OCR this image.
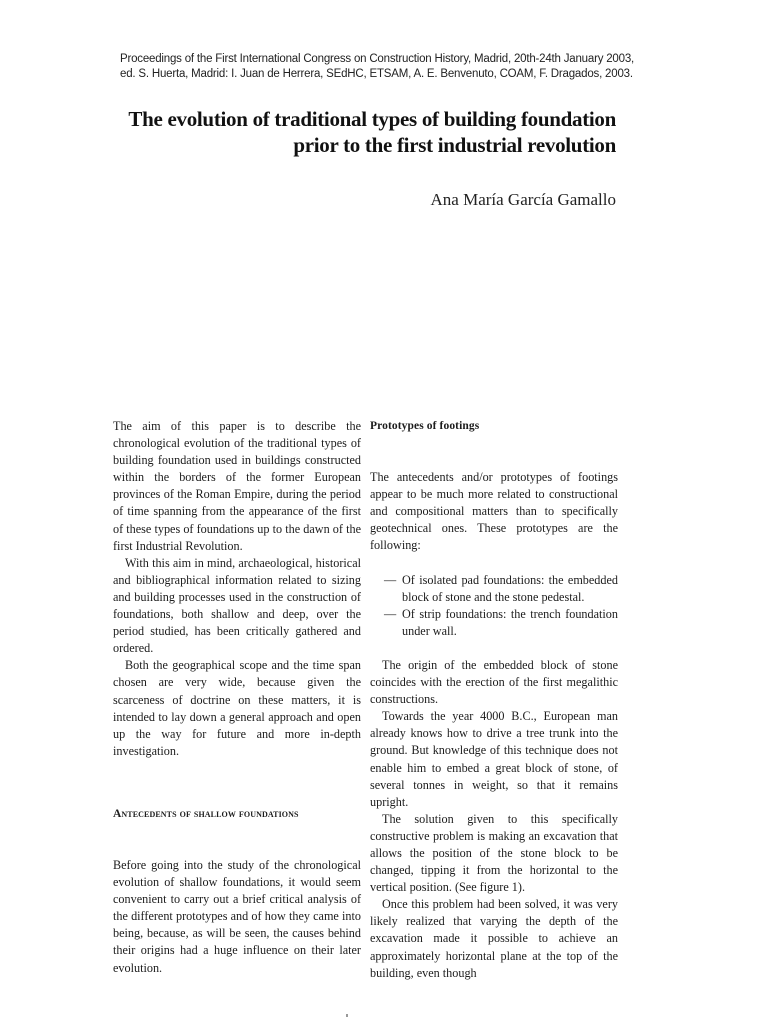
Proceedings of the First International Congress on Construction History, Madrid, 20th-24th January 2003,
ed. S. Huerta, Madrid: I. Juan de Herrera, SEdHC, ETSAM, A. E. Benvenuto, COAM, F. Dragados, 2003.
The evolution of traditional types of building foundation
prior to the first industrial revolution
Ana María García Gamallo

The aim of this paper is to describe the chronological evolution of the traditional types of building foundation used in buildings constructed within the borders of the former European provinces of the Roman Empire, during the period of time spanning from the appearance of the first of these types of foundations up to the dawn of the first Industrial Revolution.

With this aim in mind, archaeological, historical and bibliographical information related to sizing and building processes used in the construction of foundations, both shallow and deep, over the period studied, has been critically gathered and ordered.

Both the geographical scope and the time span chosen are very wide, because given the scarceness of doctrine on these matters, it is intended to lay down a general approach and open up the way for future and more in-depth investigation.

Antecedents of shallow foundations

Before going into the study of the chronological evolution of shallow foundations, it would seem convenient to carry out a brief critical analysis of the different prototypes and of how they came into being, because, as will be seen, the causes behind their origins had a huge influence on their later evolution.

Prototypes of footings

The antecedents and/or prototypes of footings appear to be much more related to constructional and compositional matters than to specifically geotechnical ones. These prototypes are the following:

— Of isolated pad foundations: the embedded block of stone and the stone pedestal.
— Of strip foundations: the trench foundation under wall.

The origin of the embedded block of stone coincides with the erection of the first megalithic constructions.

Towards the year 4000 B.C., European man already knows how to drive a tree trunk into the ground. But knowledge of this technique does not enable him to embed a great block of stone, of several tonnes in weight, so that it remains upright.

The solution given to this specifically constructive problem is making an excavation that allows the position of the stone block to be changed, tipping it from the horizontal to the vertical position. (See figure 1).

Once this problem had been solved, it was very likely realized that varying the depth of the excavation made it possible to achieve an approximately horizontal plane at the top of the building, even though
